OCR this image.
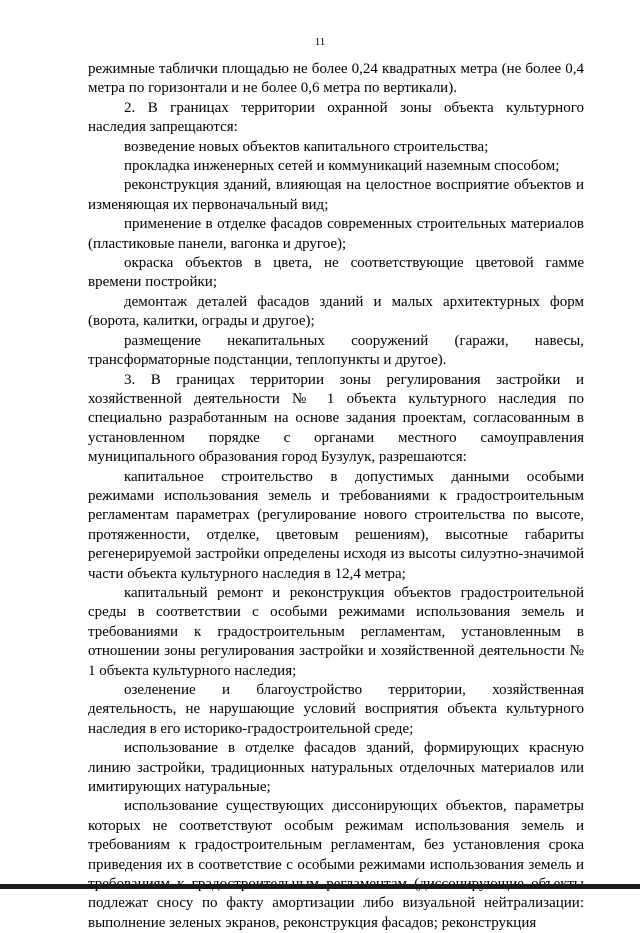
11

режимные таблички площадью не более 0,24 квадратных метра (не более 0,4 метра по горизонтали и не более 0,6 метра по вертикали).

2. В границах территории охранной зоны объекта культурного наследия запрещаются:

возведение новых объектов капитального строительства;

прокладка инженерных сетей и коммуникаций наземным способом;

реконструкция зданий, влияющая на целостное восприятие объектов и изменяющая их первоначальный вид;

применение в отделке фасадов современных строительных материалов (пластиковые панели, вагонка и другое);

окраска объектов в цвета, не соответствующие цветовой гамме времени постройки;

демонтаж деталей фасадов зданий и малых архитектурных форм (ворота, калитки, ограды и другое);

размещение некапитальных сооружений (гаражи, навесы, трансформаторные подстанции, теплопункты и другое).

3. В границах территории зоны регулирования застройки и хозяйственной деятельности № 1 объекта культурного наследия по специально разработанным на основе задания проектам, согласованным в установленном порядке с органами местного самоуправления муниципального образования город Бузулук, разрешаются:

капитальное строительство в допустимых данными особыми режимами использования земель и требованиями к градостроительным регламентам параметрах (регулирование нового строительства по высоте, протяженности, отделке, цветовым решениям), высотные габариты регенерируемой застройки определены исходя из высоты силуэтно-значимой части объекта культурного наследия в 12,4 метра;

капитальный ремонт и реконструкция объектов градостроительной среды в соответствии с особыми режимами использования земель и требованиями к градостроительным регламентам, установленным в отношении зоны регулирования застройки и хозяйственной деятельности № 1 объекта культурного наследия;

озеленение и благоустройство территории, хозяйственная деятельность, не нарушающие условий восприятия объекта культурного наследия в его историко-градостроительной среде;

использование в отделке фасадов зданий, формирующих красную линию застройки, традиционных натуральных отделочных материалов или имитирующих натуральные;

использование существующих диссонирующих объектов, параметры которых не соответствуют особым режимам использования земель и требованиям к градостроительным регламентам, без установления срока приведения их в соответствие с особыми режимами использования земель и подлежат сносу по факту амортизации либо визуальной нейтрализации: выполнение зеленых экранов, реконструкция фасадов; реконструкция
